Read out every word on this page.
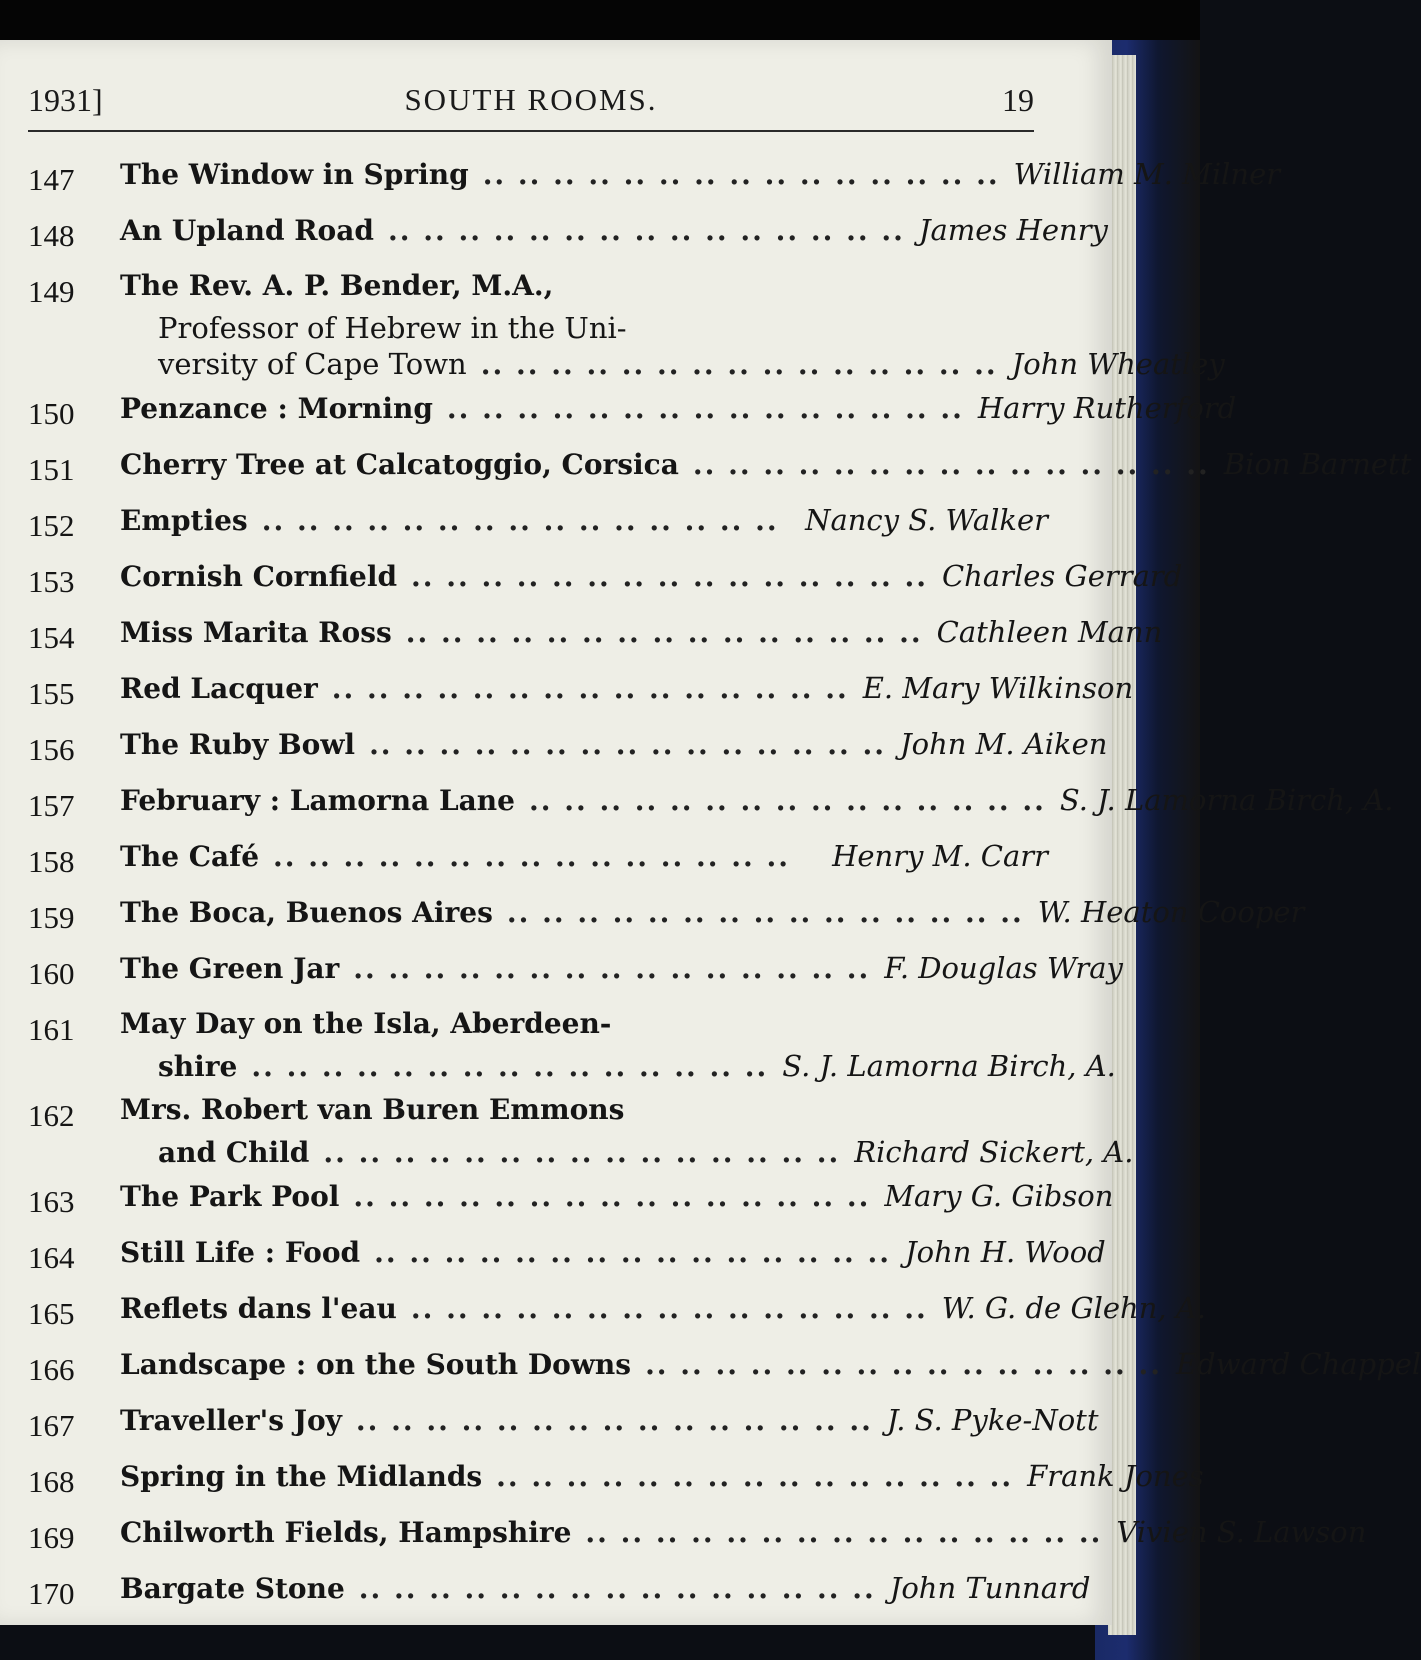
1931]	SOUTH ROOMS.	19
147	The Window in Spring .. .. .. .. .. .. .. .. .. .. .. .. .. .. .. William M. Milner
148	An Upland Road .. .. .. .. .. .. .. .. .. .. .. .. .. .. .. James Henry
149	The Rev. A. P. Bender, M.A.,
Professor of Hebrew in the Uni-
versity of Cape Town .. .. .. .. .. .. .. .. .. .. .. .. .. .. .. John Wheatley
150	Penzance : Morning .. .. .. .. .. .. .. .. .. .. .. .. .. .. .. Harry Rutherford
151	Cherry Tree at Calcatoggio, Corsica .. .. .. .. .. .. .. .. .. .. .. .. .. .. .. Bion Barnett
152	Empties .. .. .. .. .. .. .. .. .. .. .. .. .. .. .. Nancy S. Walker
153	Cornish Cornfield .. .. .. .. .. .. .. .. .. .. .. .. .. .. .. Charles Gerrard
154	Miss Marita Ross .. .. .. .. .. .. .. .. .. .. .. .. .. .. .. Cathleen Mann
155	Red Lacquer .. .. .. .. .. .. .. .. .. .. .. .. .. .. .. E. Mary Wilkinson
156	The Ruby Bowl .. .. .. .. .. .. .. .. .. .. .. .. .. .. .. John M. Aiken
157	February : Lamorna Lane .. .. .. .. .. .. .. .. .. .. .. .. .. .. .. S. J. Lamorna Birch, A.
158	The Café .. .. .. .. .. .. .. .. .. .. .. .. .. .. ..	Henry M. Carr
159	The Boca, Buenos Aires .. .. .. .. .. .. .. .. .. .. .. .. .. .. .. W. Heaton Cooper
160	The Green Jar .. .. .. .. .. .. .. .. .. .. .. .. .. .. .. F. Douglas Wray
161	May Day on the Isla, Aberdeen-
shire .. .. .. .. .. .. .. .. .. .. .. .. .. .. .. S. J. Lamorna Birch, A.
162	Mrs. Robert van Buren Emmons
and Child .. .. .. .. .. .. .. .. .. .. .. .. .. .. .. Richard Sickert, A.
163	The Park Pool .. .. .. .. .. .. .. .. .. .. .. .. .. .. .. Mary G. Gibson
164	Still Life : Food .. .. .. .. .. .. .. .. .. .. .. .. .. .. .. John H. Wood
165	Reflets dans l'eau .. .. .. .. .. .. .. .. .. .. .. .. .. .. .. W. G. de Glehn, A.
166	Landscape : on the South Downs .. .. .. .. .. .. .. .. .. .. .. .. .. .. .. Edward Chappel
167	Traveller's Joy .. .. .. .. .. .. .. .. .. .. .. .. .. .. .. J. S. Pyke-Nott
168	Spring in the Midlands .. .. .. .. .. .. .. .. .. .. .. .. .. .. .. Frank Jones
169	Chilworth Fields, Hampshire .. .. .. .. .. .. .. .. .. .. .. .. .. .. .. Vivien S. Lawson
170	Bargate Stone .. .. .. .. .. .. .. .. .. .. .. .. .. .. .. John Tunnard
